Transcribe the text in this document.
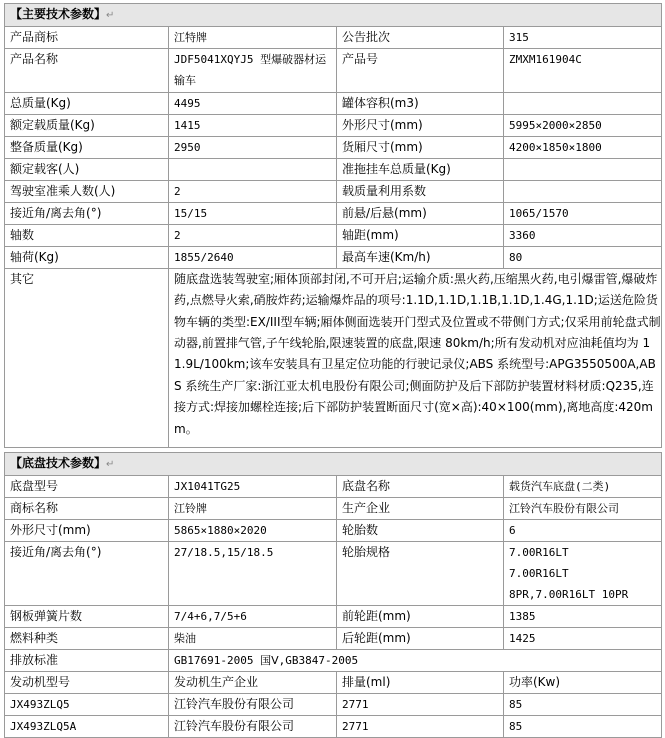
【主要技术参数】↵			
产品商标	江特牌	公告批次	315
产品名称	JDF5041XQYJ5 型爆破器材运输车	产品号	ZMXM161904C
总质量(Kg)	4495	罐体容积(m3)	
额定载质量(Kg)	1415	外形尺寸(mm)	5995×2000×2850
整备质量(Kg)	2950	货厢尺寸(mm)	4200×1850×1800
额定载客(人)		准拖挂车总质量(Kg)	
驾驶室准乘人数(人)	2	载质量利用系数	
接近角/离去角(°)	15/15	前悬/后悬(mm)	1065/1570
轴数	2	轴距(mm)	3360
轴荷(Kg)	1855/2640	最高车速(Km/h)	80
其它	随底盘选装驾驶室;厢体顶部封闭,不可开启;运输介质:黑火药,压缩黑火药,电引爆雷管,爆破炸药,点燃导火索,硝胺炸药;运输爆炸品的项号:1.1D,1.1D,1.1B,1.1D,1.4G,1.1D;运送危险货物车辆的类型:EX/III型车辆;厢体侧面选装开门型式及位置或不带侧门方式;仅采用前轮盘式制动器,前置排气管,子午线轮胎,限速装置的底盘,限速 80km/h;所有发动机对应油耗值均为 11.9L/100km;该车安装具有卫星定位功能的行驶记录仪;ABS 系统型号:APG3550500A,ABS 系统生产厂家:浙江亚太机电股份有限公司;侧面防护及后下部防护装置材料材质:Q235,连接方式:焊接加螺栓连接;后下部防护装置断面尺寸(宽×高):40×100(mm),离地高度:420mm。		
【底盘技术参数】↵			
底盘型号	JX1041TG25	底盘名称	载货汽车底盘(二类)
商标名称	江铃牌	生产企业	江铃汽车股份有限公司
外形尺寸(mm)	5865×1880×2020	轮胎数	6
接近角/离去角(°)	27/18.5,15/18.5	轮胎规格	7.00R16LT
7.00R16LT
8PR,7.00R16LT 10PR

钢板弹簧片数	7/4+6,7/5+6	前轮距(mm)	1385
燃料种类	柴油	后轮距(mm)	1425
排放标准	GB17691-2005 国Ⅴ,GB3847-2005		
发动机型号	发动机生产企业	排量(ml)	功率(Kw)
JX493ZLQ5	江铃汽车股份有限公司	2771	85
JX493ZLQ5A	江铃汽车股份有限公司	2771	85
